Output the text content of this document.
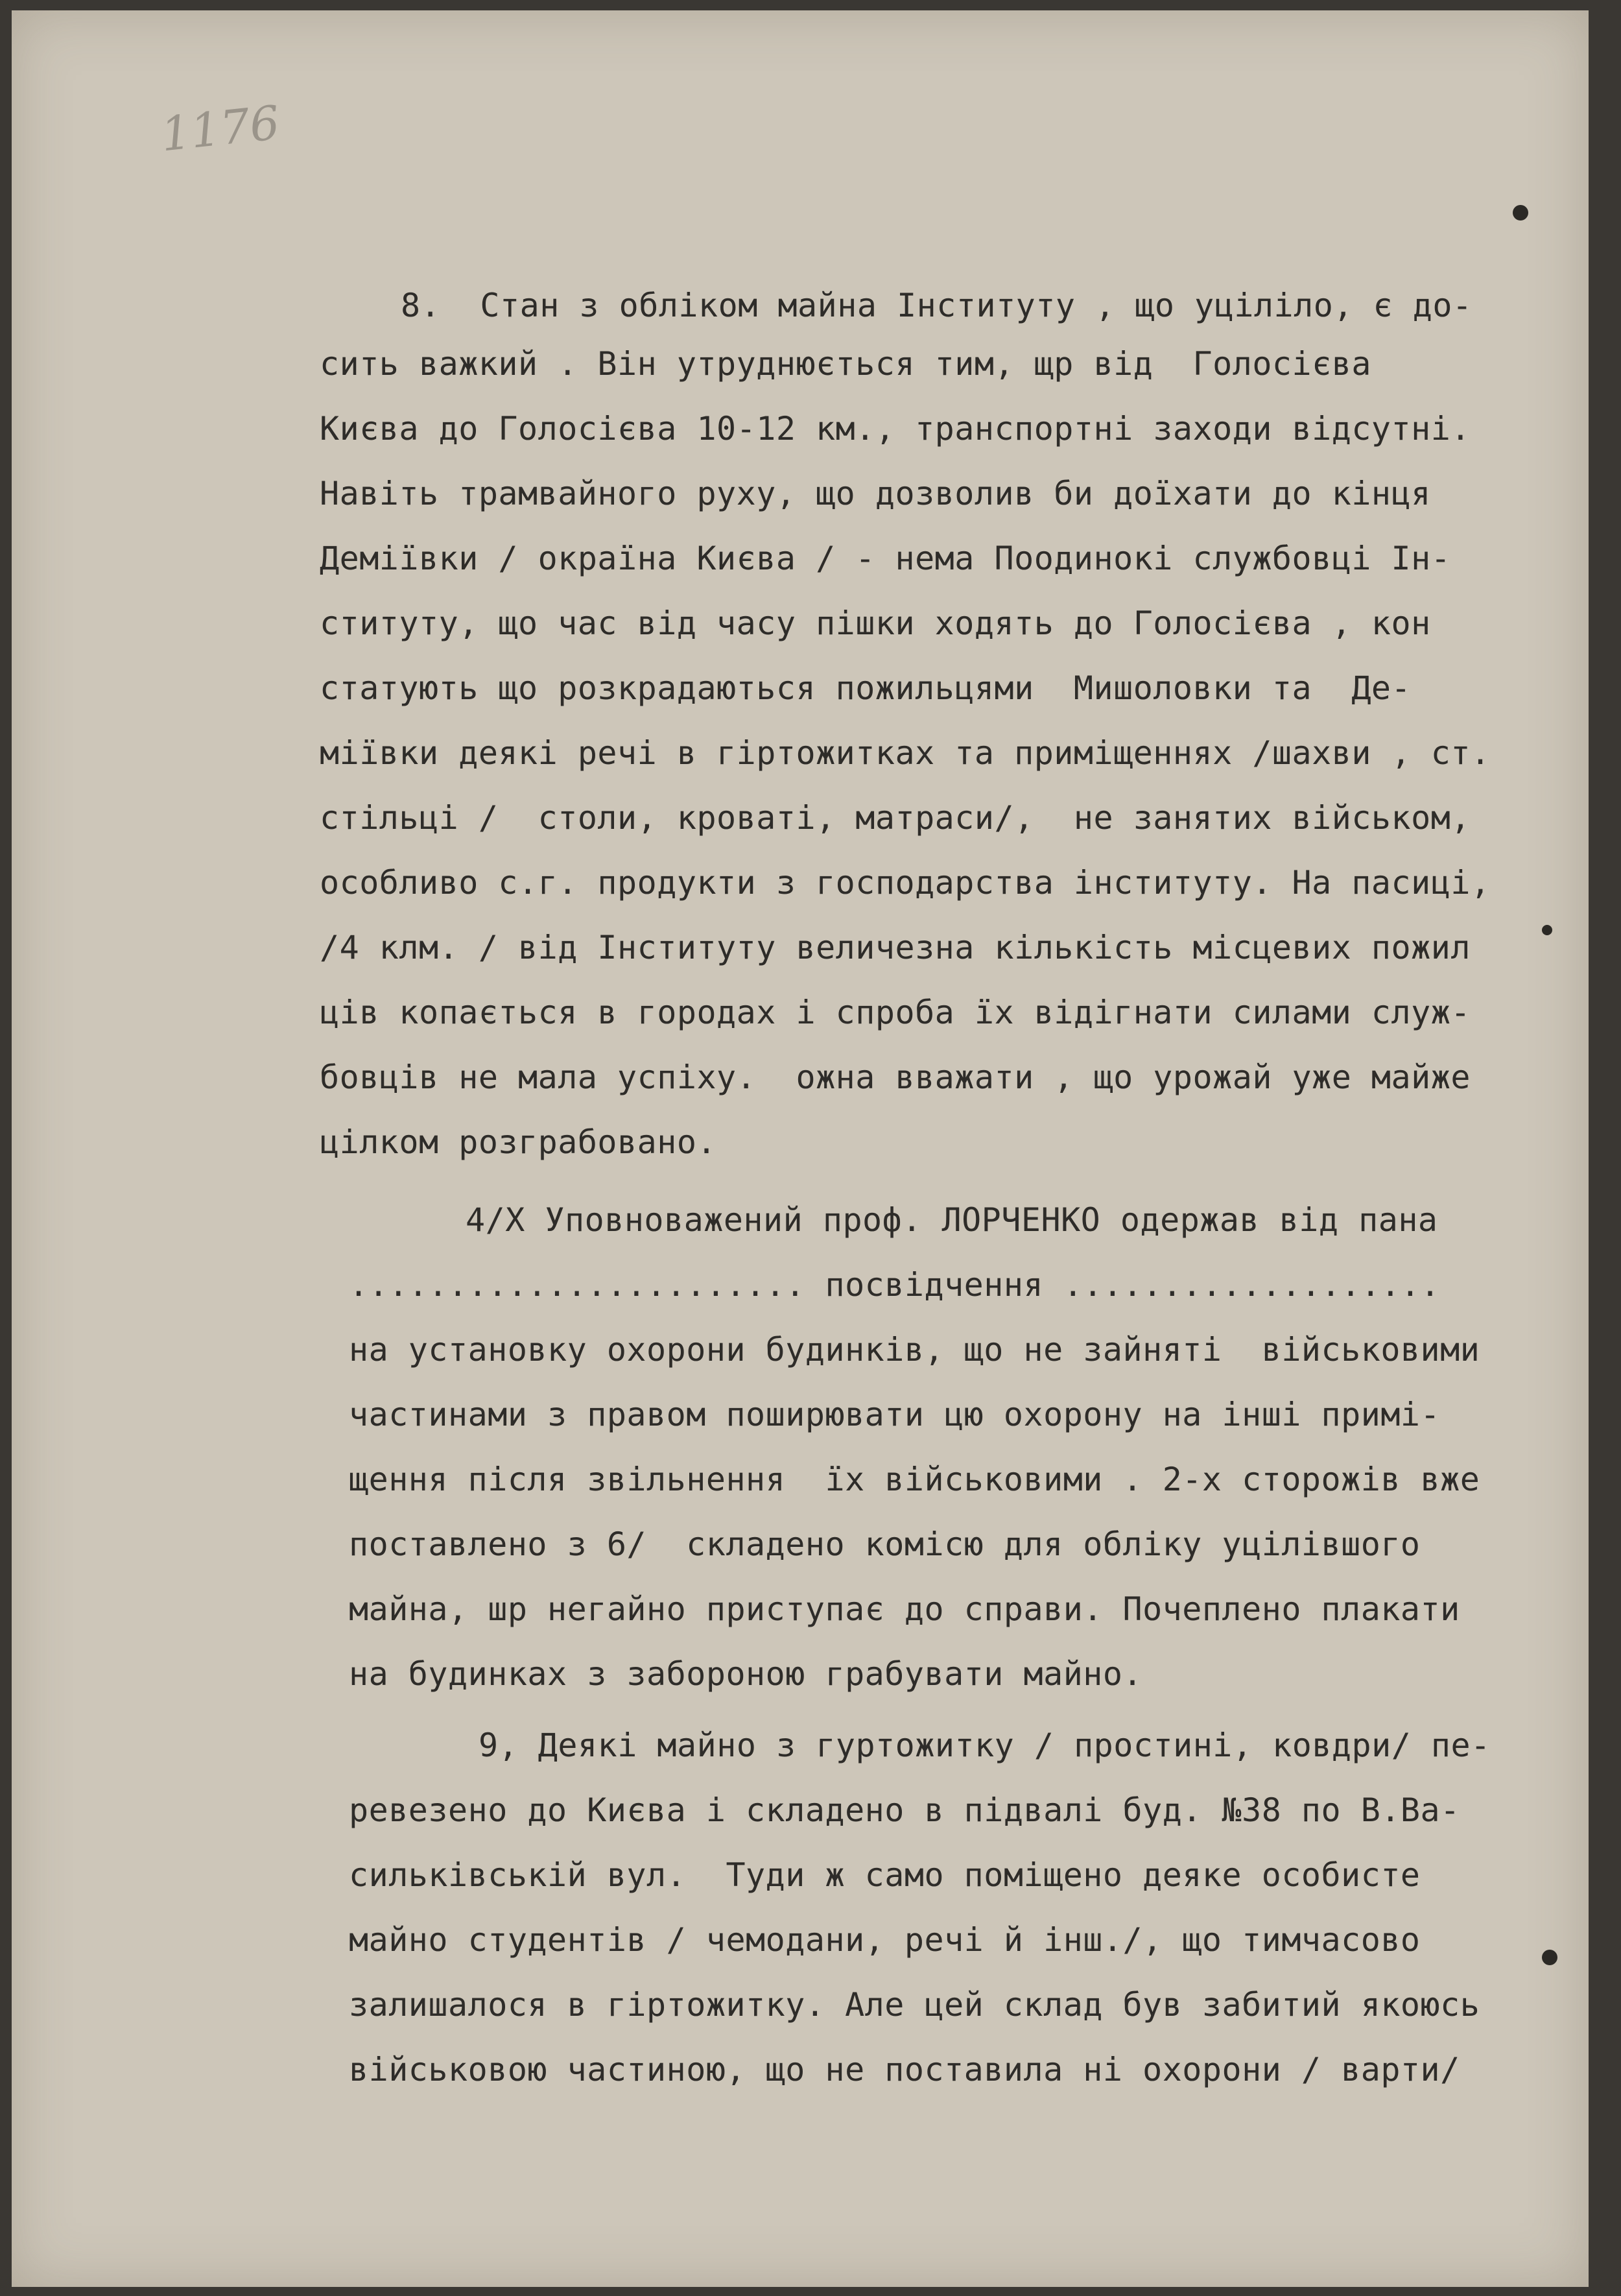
1176
8.  Стан з обліком майна Інституту , що уціліло, є до-
сить важкий . Він утруднюється тим, щр від  Голосієва
Києва до Голосієва 10-12 км., транспортні заходи відсутні.
Навіть трамвайного руху, що дозволив би доїхати до кінця
Деміївки / окраїна Києва / - нема Поодинокі службовці Ін-
ституту, що час від часу пішки ходять до Голосієва , кон
статують що розкрадаються пожильцями  Мишоловки та  Де-
міївки деякі речі в гіртожитках та приміщеннях /шахви , ст.
стільці /  столи, кровaті, матраси/,  не занятих військом,
особливо с.г. продукти з господарства інституту. На пасиці,
/4 клм. / від Інституту величезна кількість місцевих пожил
ців копається в городах і спроба їх відігнати силами служ-
бовців не мала успіху.  ожна вважати , що урожай уже майже
цілком розграбовано.
4/Х Уповноважений проф. ЛОРЧЕНКО одержав від пана
....................... посвідчення ...................
на установку охорони будинків, що не зайняті  військовими
частинами з правом поширювати цю охорону на інші примі-
щення після звільнення  їх військовими . 2-х сторожів вже
поставлено з 6/  складено комісю для обліку уцілівшого
майна, шр негайно приступає до справи. Почеплено плакати
на будинках з забороною грабувати майно.
9, Деякі майно з гуртожитку / простині, ковдри/ пе-
ревезено до Києва і складено в підвалі буд. №38 по В.Ва-
сильківській вул.  Туди ж само поміщено деяке особисте
майно студентів / чемодани, речі й інш./, що тимчасово
залишалося в гіртожитку. Але цей склад був забитий якоюсь
військовою частиною, що не поставила ні охорони / варти/
